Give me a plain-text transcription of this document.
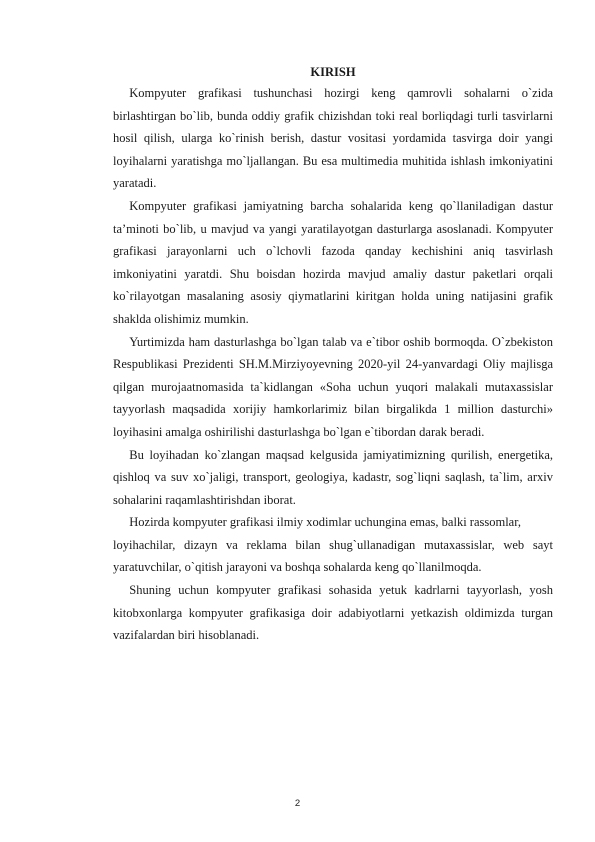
KIRISH

Kompyuter grafikasi tushunchasi hozirgi keng qamrovli sohalarni o`zida birlashtirgan bo`lib, bunda oddiy grafik chizishdan toki real borliqdagi turli tasvirlarni hosil qilish, ularga ko`rinish berish, dastur vositasi yordamida tasvirga doir yangi loyihalarni yaratishga mo`ljallangan. Bu esa multimedia muhitida ishlash imkoniyatini yaratadi.

Kompyuter grafikasi jamiyatning barcha sohalarida keng qo`llaniladigan dastur ta’minoti bo`lib, u mavjud va yangi yaratilayotgan dasturlarga asoslanadi. Kompyuter grafikasi jarayonlarni uch o`lchovli fazoda qanday kechishini aniq tasvirlash imkoniyatini yaratdi. Shu boisdan hozirda mavjud amaliy dastur paketlari orqali ko`rilayotgan masalaning asosiy qiymatlarini kiritgan holda uning natijasini grafik shaklda olishimiz mumkin.

Yurtimizda ham dasturlashga bo`lgan talab va e`tibor oshib bormoqda. O`zbekiston Respublikasi Prezidenti SH.M.Mirziyoyevning 2020-yil 24-yanvardagi Oliy majlisga qilgan murojaatnomasida ta`kidlangan «Soha uchun yuqori malakali mutaxassislar tayyorlash maqsadida xorijiy hamkorlarimiz bilan birgalikda 1 million dasturchi» loyihasini amalga oshirilishi dasturlashga bo`lgan e`tibordan darak beradi.

Bu loyihadan ko`zlangan maqsad kelgusida jamiyatimizning qurilish, energetika, qishloq va suv xo`jaligi, transport, geologiya, kadastr, sog`liqni saqlash, ta`lim, arxiv sohalarini raqamlashtirishdan iborat.

Hozirda kompyuter grafikasi ilmiy xodimlar uchungina emas, balki rassomlar,

loyihachilar, dizayn va reklama bilan shug`ullanadigan mutaxassislar, web sayt yaratuvchilar, o`qitish jarayoni va boshqa sohalarda keng qo`llanilmoqda.

Shuning uchun kompyuter grafikasi sohasida yetuk kadrlarni tayyorlash, yosh kitobxonlarga kompyuter grafikasiga doir adabiyotlarni yetkazish oldimizda turgan vazifalardan biri hisoblanadi.

2
